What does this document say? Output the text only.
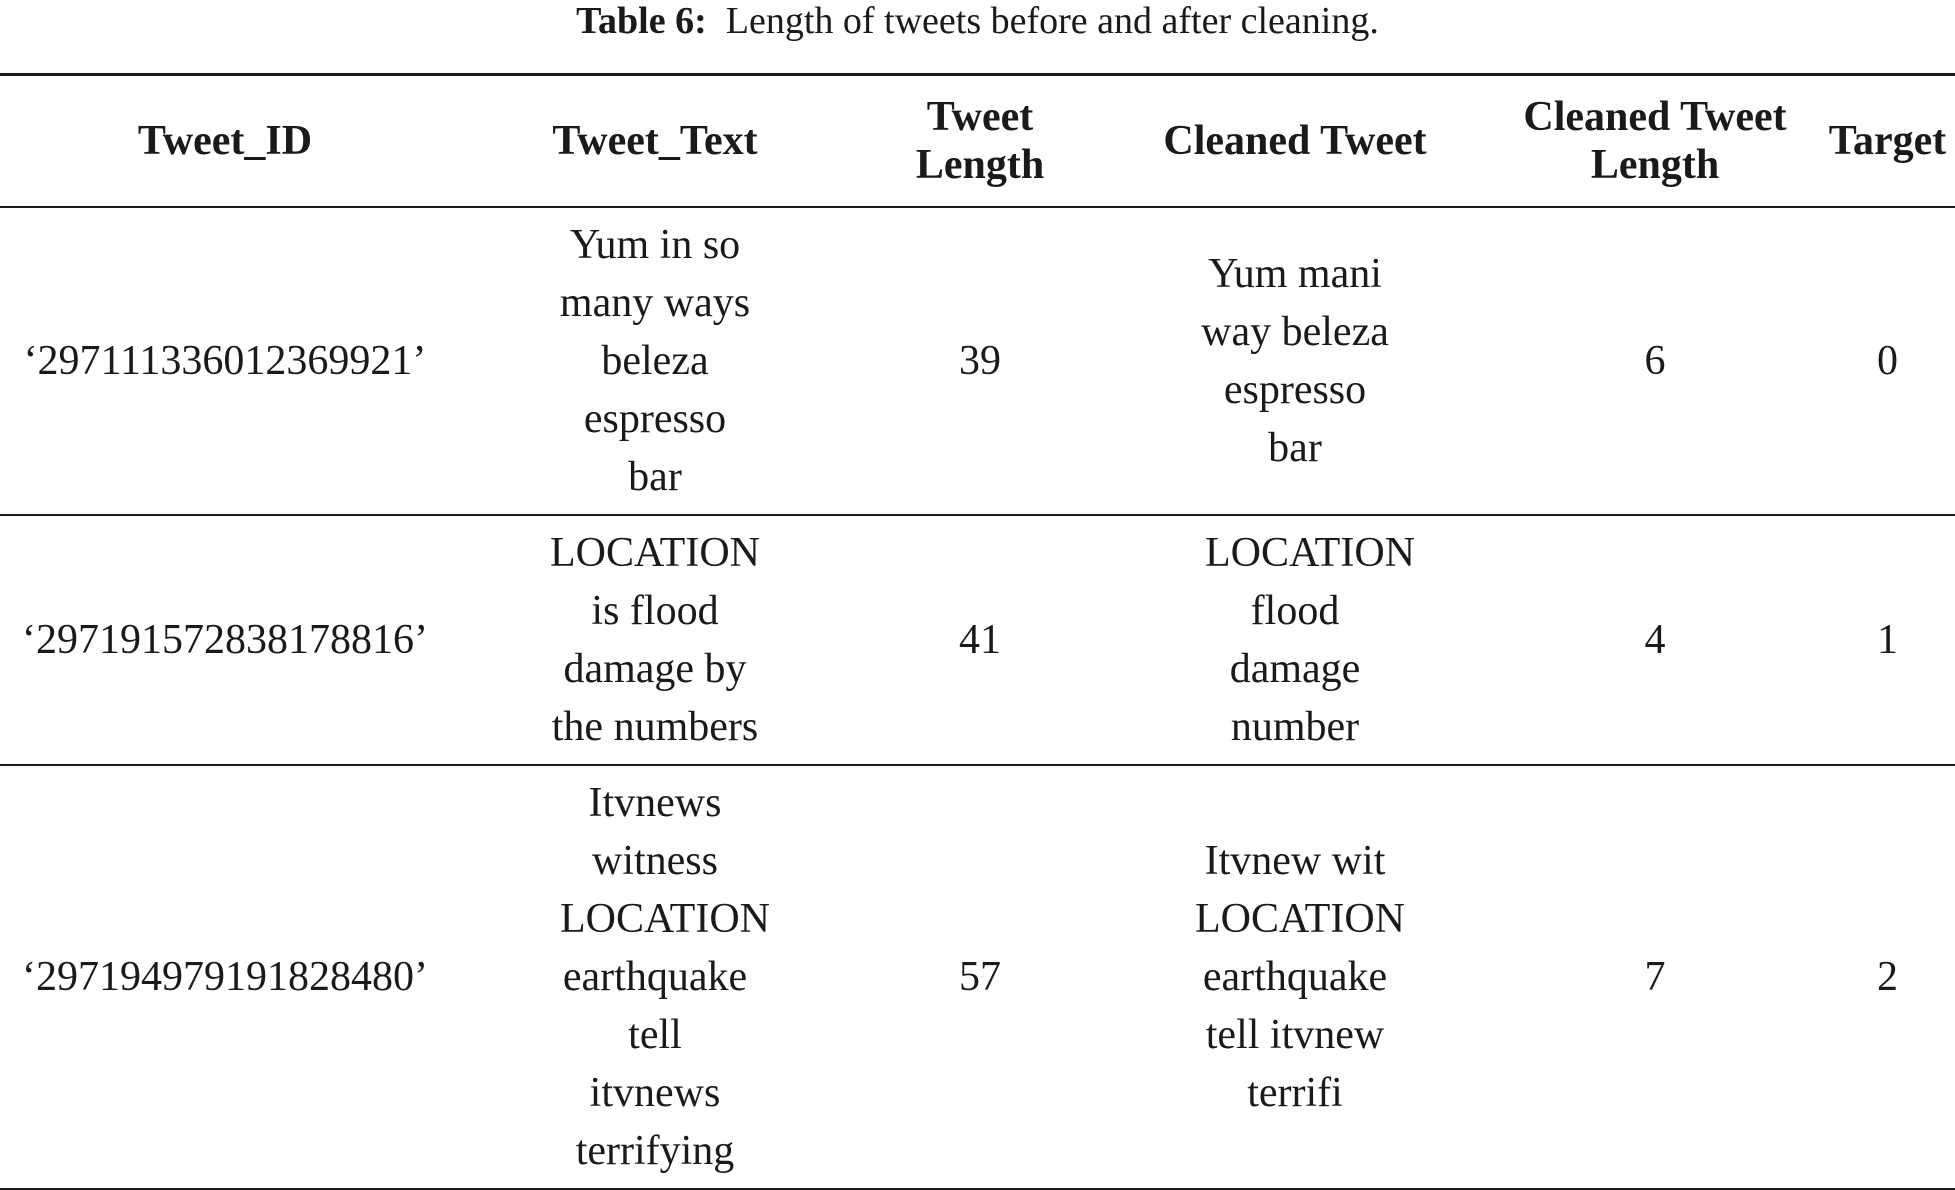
Table 6: Length of tweets before and after cleaning.
Tweet_ID	Tweet_Text	Tweet Length	Cleaned Tweet	Cleaned Tweet Length	Target
‘297111336012369921’	Yum in so many ways beleza espresso bar	39	Yum mani way beleza espresso bar	6	0
‘297191572838178816’	LOCATION is flood damage by the numbers	41	LOCATION flood damage number	4	1
‘297194979191828480’	Itvnews witness LOCATION earthquake tell itvnews terrifying	57	Itvnew wit LOCATION earthquake tell itvnew terrifi	7	2
